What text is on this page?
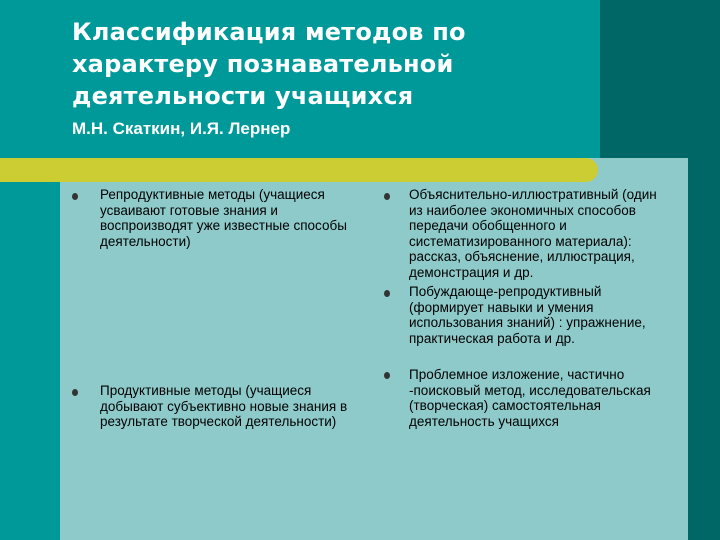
Классификация методов по характеру познавательной деятельности учащихся

М.Н. Скаткин, И.Я. Лернер

Репродуктивные методы (учащиеся усваивают готовые знания и воспроизводят уже известные способы деятельности)
Продуктивные методы (учащиеся добывают субъективно новые знания в результате творческой деятельности)
Объяснительно-иллюстративный (один из наиболее экономичных способов передачи обобщенного и систематизированного материала): рассказ, объяснение, иллюстрация, демонстрация и др.
Побуждающе-репродуктивный (формирует навыки и умения использования знаний) : упражнение, практическая работа и др.
Проблемное изложение, частично -поисковый метод, исследовательская (творческая) самостоятельная деятельность учащихся
